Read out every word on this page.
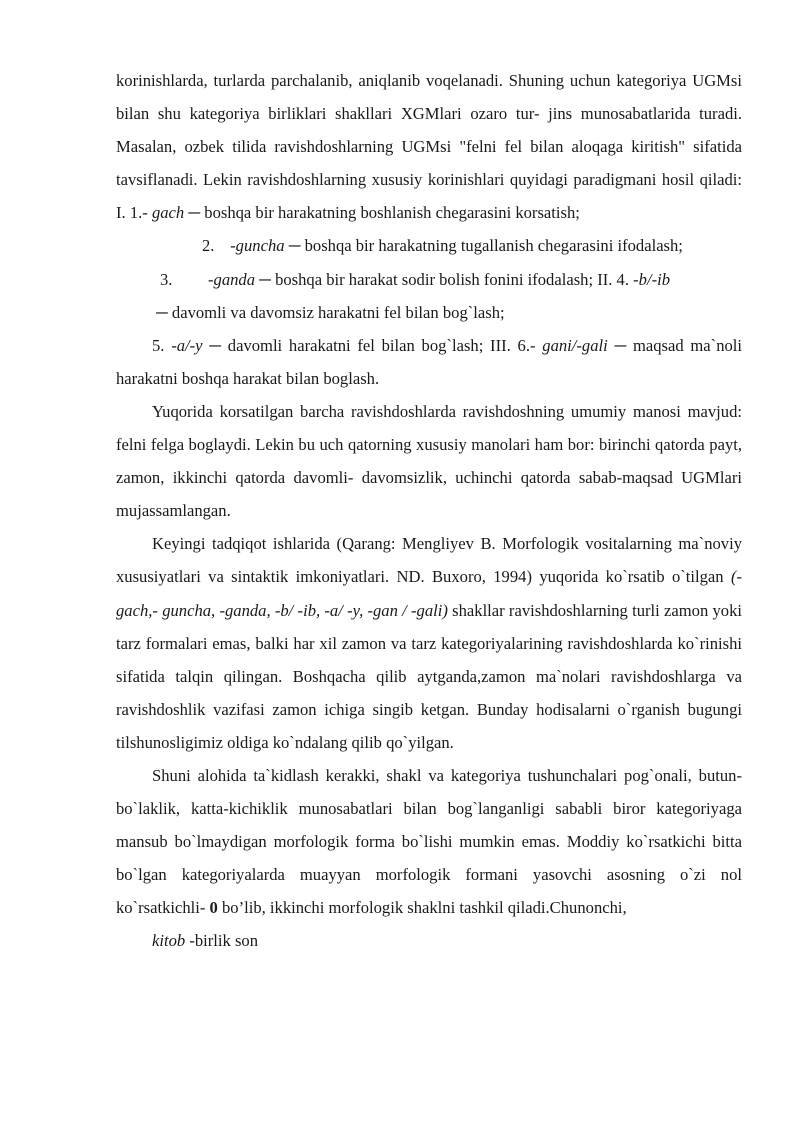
korinishlarda, turlarda parchalanib, aniqlanib voqelanadi. Shuning uchun kategoriya UGMsi bilan shu kategoriya birliklari shakllari XGMlari ozaro tur- jins munosabatlarida turadi. Masalan, ozbek tilida ravishdoshlarning UGMsi "felni fel bilan aloqaga kiritish" sifatida tavsiflanadi. Lekin ravishdoshlarning xususiy korinishlari quyidagi paradigmani hosil qiladi: I. 1.- gach ─ boshqa bir harakatning boshlanish chegarasini korsatish;

2. -guncha ─ boshqa bir harakatning tugallanish chegarasini ifodalash;

3. -ganda ─ boshqa bir harakat sodir bolish fonini ifodalash; II. 4. -b/-ib
─ davomli va davomsiz harakatni fel bilan bog`lash;

5. -a/-y ─ davomli harakatni fel bilan bog`lash; III. 6.- gani/-gali ─ maqsad ma`noli harakatni boshqa harakat bilan boglash.

Yuqorida korsatilgan barcha ravishdoshlarda ravishdoshning umumiy manosi mavjud: felni felga boglaydi. Lekin bu uch qatorning xususiy manolari ham bor: birinchi qatorda payt, zamon, ikkinchi qatorda davomli- davomsizlik, uchinchi qatorda sabab-maqsad UGMlari mujassamlangan.

Keyingi tadqiqot ishlarida (Qarang: Mengliyev B. Morfologik vositalarning ma`noviy xususiyatlari va sintaktik imkoniyatlari. ND. Buxoro, 1994) yuqorida ko`rsatib o`tilgan (-gach,- guncha, -ganda, -b/ -ib, -a/ -y, -gan / -gali) shakllar ravishdoshlarning turli zamon yoki tarz formalari emas, balki har xil zamon va tarz kategoriyalarining ravishdoshlarda ko`rinishi sifatida talqin qilingan. Boshqacha qilib aytganda,zamon ma`nolari ravishdoshlarga va ravishdoshlik vazifasi zamon ichiga singib ketgan. Bunday hodisalarni o`rganish bugungi tilshunosligimiz oldiga ko`ndalang qilib qo`yilgan.

Shuni alohida ta`kidlash kerakki, shakl va kategoriya tushunchalari pog`onali, butun- bo`laklik, katta-kichiklik munosabatlari bilan bog`langanligi sababli biror kategoriyaga mansub bo`lmaydigan morfologik forma bo`lishi mumkin emas. Moddiy ko`rsatkichi bitta bo`lgan kategoriyalarda muayyan morfologik formani yasovchi asosning o`zi nol ko`rsatkichli- 0 bo’lib, ikkinchi morfologik shaklni tashkil qiladi.Chunonchi,

kitob -birlik son
